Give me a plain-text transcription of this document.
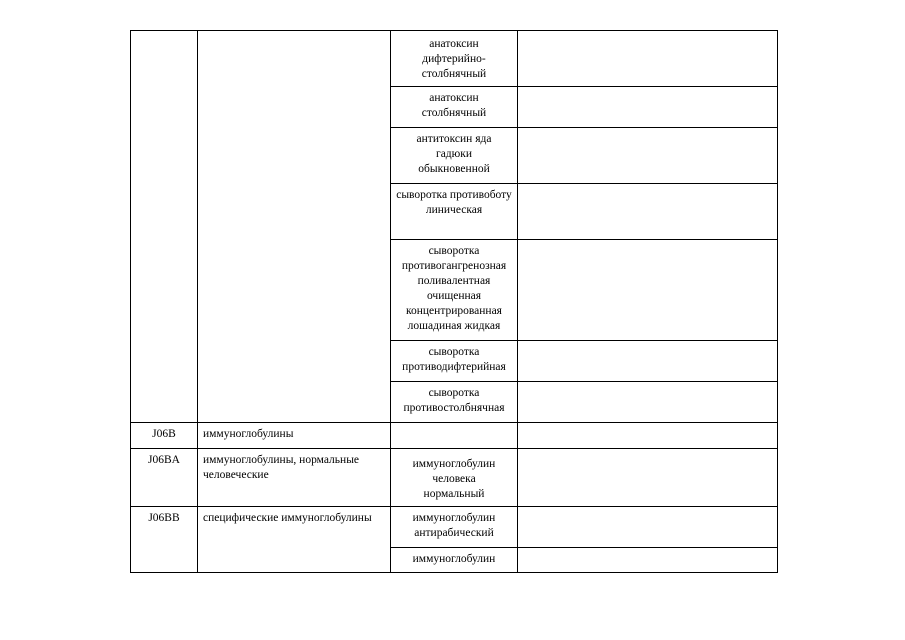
		анатоксин дифтерийно-столбнячный	
		анатоксин столбнячный	
		антитоксин яда гадюки обыкновенной	
		сыворотка противоботулиническая	
		сыворотка противогангренозная поливалентная очищенная концентрированная лошадиная жидкая	
		сыворотка противодифтерийная	
		сыворотка противостолбнячная	
J06B	иммуноглобулины		
J06BA	иммуноглобулины, нормальные человеческие	иммуноглобулин человека нормальный	
J06BB	специфические иммуноглобулины	иммуноглобулин антирабический	
		иммуноглобулин	
